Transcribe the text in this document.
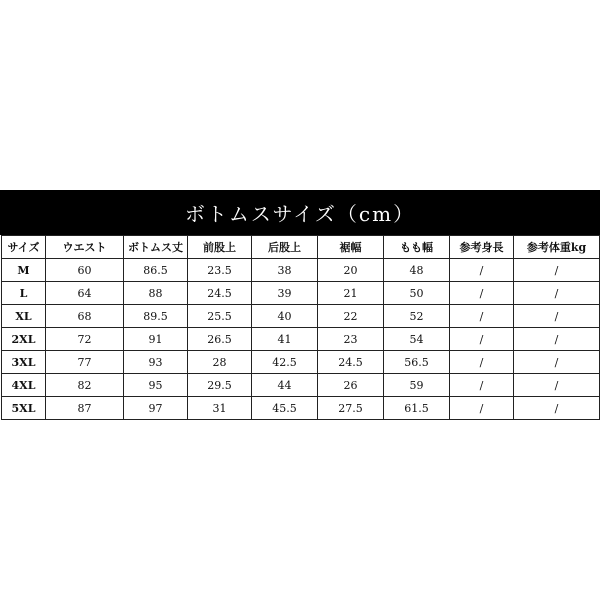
ボトムスサイズ（cm）
サイズ	ウエスト	ボトムス丈	前股上	后股上	裾幅	もも幅	参考身長	参考体重kg
M	60	86.5	23.5	38	20	48	/	/
L	64	88	24.5	39	21	50	/	/
XL	68	89.5	25.5	40	22	52	/	/
2XL	72	91	26.5	41	23	54	/	/
3XL	77	93	28	42.5	24.5	56.5	/	/
4XL	82	95	29.5	44	26	59	/	/
5XL	87	97	31	45.5	27.5	61.5	/	/
